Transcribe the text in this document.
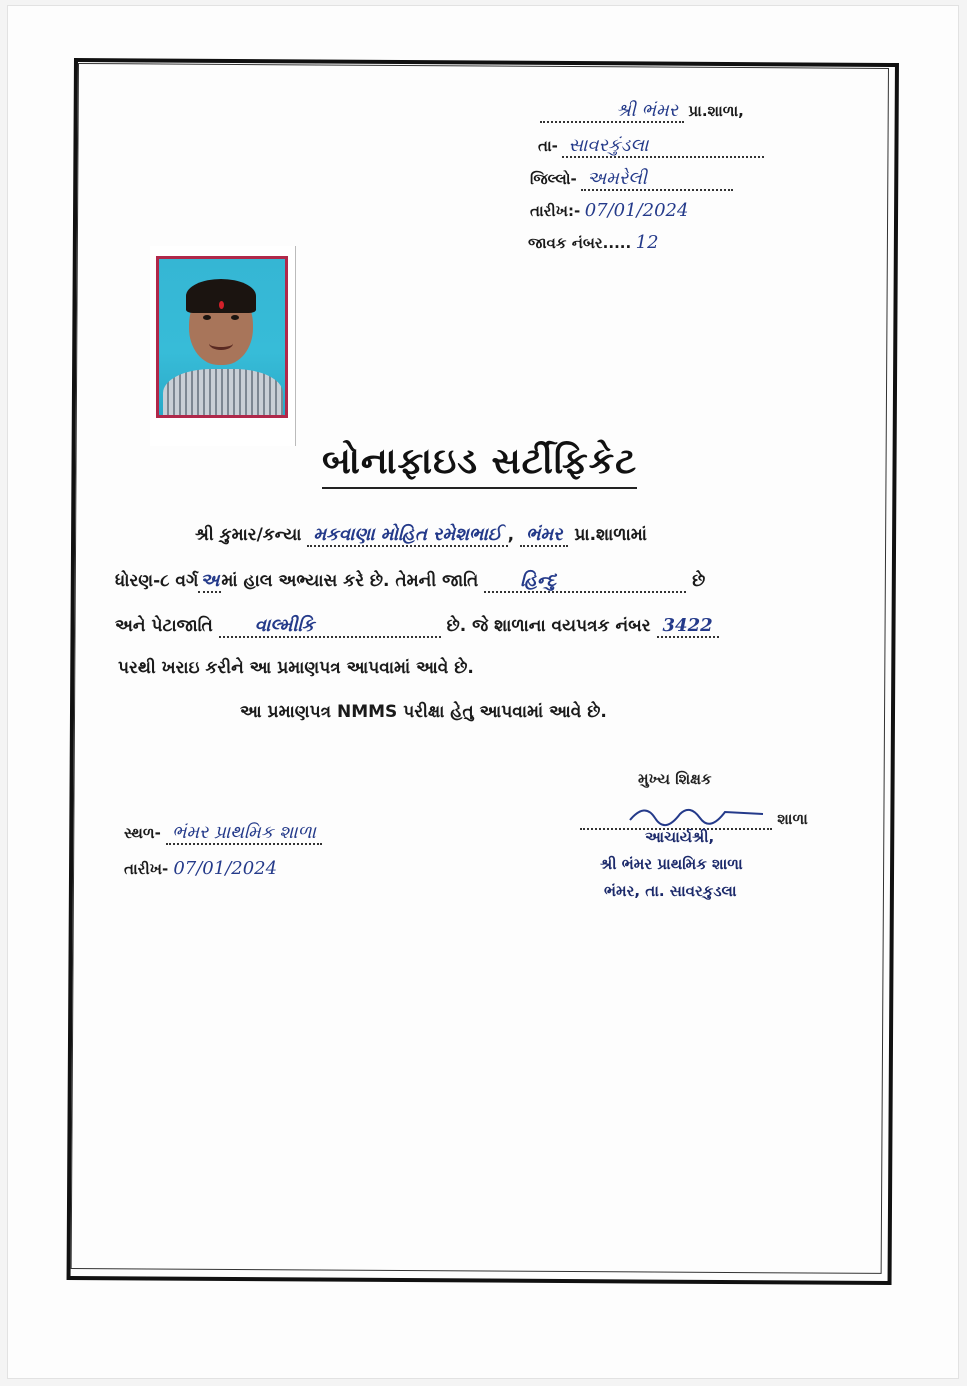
શ્રી ભંમર પ્રા.શાળા,
તા- સાવરકુંડલા
જિલ્લો- અમરેલી
તારીખ:- 07/01/2024
જાવક નંબર..... 12
બોનાફાઇડ સર્ટીફિકેટ
શ્રી કુમાર/કન્યા મકવાણા મોહિત રમેશભાઈ , ભંમર પ્રા.શાળામાં
ધોરણ-૮ વર્ગ અ માં હાલ અભ્યાસ કરે છે. તેમની જાતિ હિન્દુ	છે
અને પેટાજાતિ વાલ્મીકિ	છે. જે શાળાના વયપત્રક નંબર 3422
પરથી ખરાઇ કરીને આ પ્રમાણપત્ર આપવામાં આવે છે.
આ પ્રમાણપત્ર NMMS પરીક્ષા હેતુ આપવામાં આવે છે.
મુખ્ય શિક્ષક
શાળા
આચાર્યશ્રી,
શ્રી ભંમર પ્રાથમિક શાળા
ભંમર, તા. સાવરકુડલા
સ્થળ- ભંમર પ્રાથમિક શાળા
તારીખ- 07/01/2024
